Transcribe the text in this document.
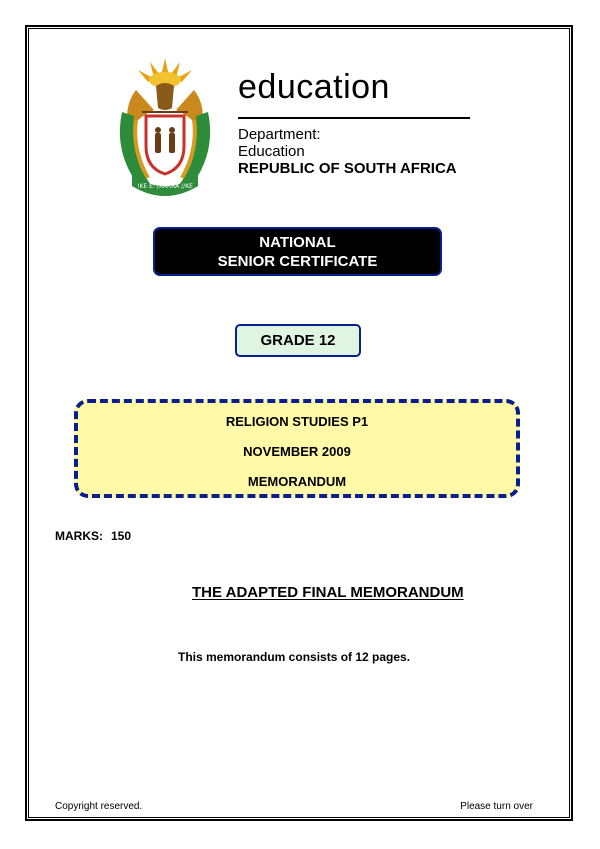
!KE E: /XARRA //KE
education
Department:
Education
REPUBLIC OF SOUTH AFRICA
NATIONAL
SENIOR CERTIFICATE
GRADE 12
RELIGION STUDIES P1
NOVEMBER 2009
MEMORANDUM
MARKS: 150
THE ADAPTED FINAL MEMORANDUM
This memorandum consists of 12 pages.
Copyright reserved.	Please turn over
